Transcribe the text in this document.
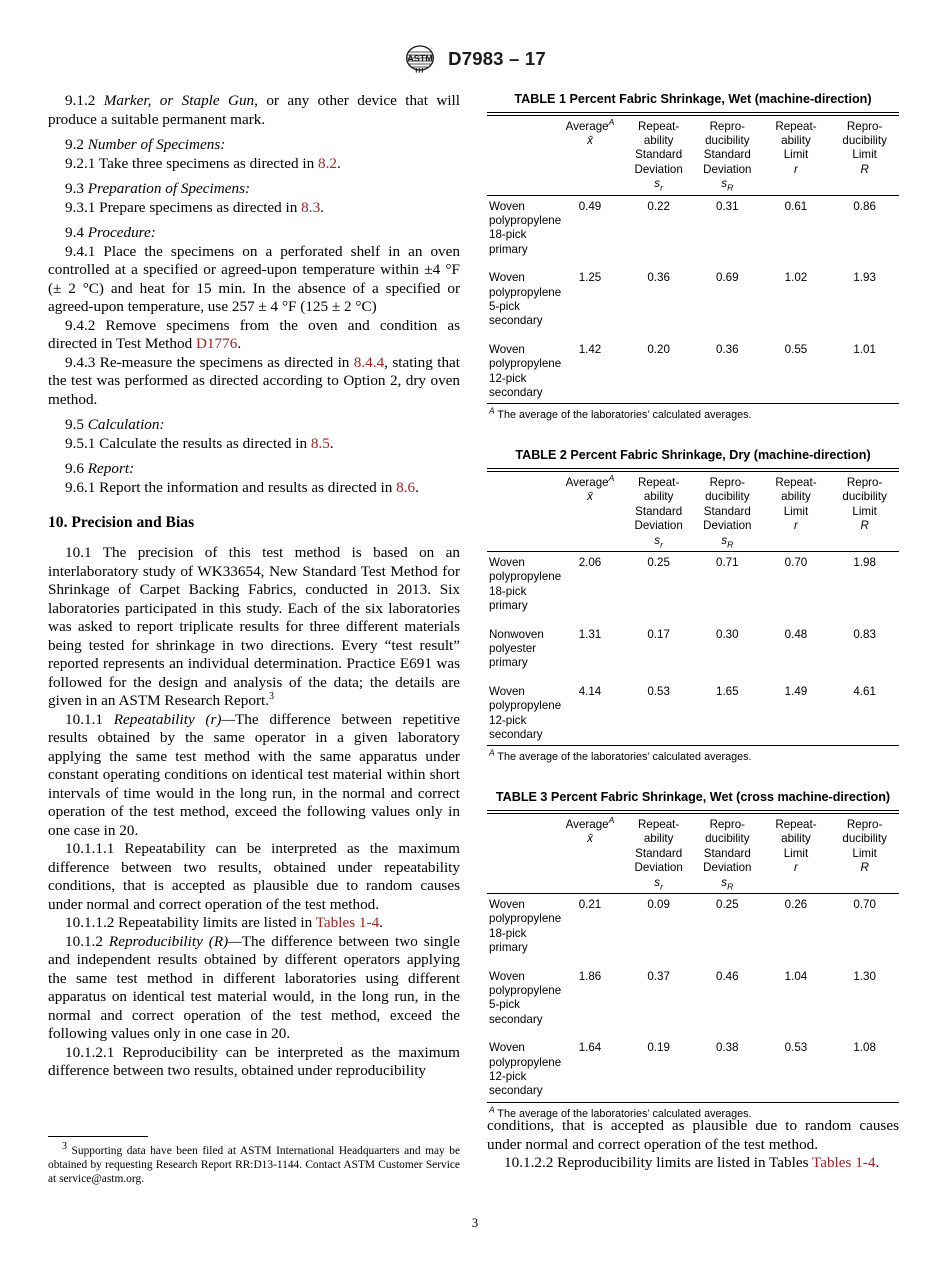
ASTM D7983 – 17

9.1.2 Marker, or Staple Gun, or any other device that will produce a suitable permanent mark.

9.2 Number of Specimens:

9.2.1 Take three specimens as directed in 8.2.

9.3 Preparation of Specimens:

9.3.1 Prepare specimens as directed in 8.3.

9.4 Procedure:

9.4.1 Place the specimens on a perforated shelf in an oven controlled at a specified or agreed-upon temperature within ±4 °F (± 2 °C) and heat for 15 min. In the absence of a specified or agreed-upon temperature, use 257 ± 4 °F (125 ± 2 °C)

9.4.2 Remove specimens from the oven and condition as directed in Test Method D1776.

9.4.3 Re-measure the specimens as directed in 8.4.4, stating that the test was performed as directed according to Option 2, dry oven method.

9.5 Calculation:

9.5.1 Calculate the results as directed in 8.5.

9.6 Report:

9.6.1 Report the information and results as directed in 8.6.

10. Precision and Bias

10.1 The precision of this test method is based on an interlaboratory study of WK33654, New Standard Test Method for Shrinkage of Carpet Backing Fabrics, conducted in 2013. Six laboratories participated in this study. Each of the six laboratories was asked to report triplicate results for three different materials being tested for shrinkage in two directions. Every “test result” reported represents an individual determination. Practice E691 was followed for the design and analysis of the data; the details are given in an ASTM Research Report.$^3$

10.1.1 Repeatability (r)—The difference between repetitive results obtained by the same operator in a given laboratory applying the same test method with the same apparatus under constant operating conditions on identical test material within short intervals of time would in the long run, in the normal and correct operation of the test method, exceed the following values only in one case in 20.

10.1.1.1 Repeatability can be interpreted as the maximum difference between two results, obtained under repeatability conditions, that is accepted as plausible due to random causes under normal and correct operation of the test method.

10.1.1.2 Repeatability limits are listed in Tables 1-4.

10.1.2 Reproducibility (R)—The difference between two single and independent results obtained by different operators applying the same test method in different laboratories using different apparatus on identical test material would, in the long run, in the normal and correct operation of the test method, exceed the following values only in one case in 20.

10.1.2.1 Reproducibility can be interpreted as the maximum difference between two results, obtained under reproducibility

3 Supporting data have been filed at ASTM International Headquarters and may be obtained by requesting Research Report RR:D13-1144. Contact ASTM Customer Service at service@astm.org.

TABLE 1 Percent Fabric Shrinkage, Wet (machine-direction)

	Average$^A$
x̄	Repeat-
ability
Standard
Deviation
$s_r$	Repro-
ducibility
Standard
Deviation
$s_R$	Repeat-
ability
Limit
r	Repro-
ducibility
Limit
R

Woven
polypropylene
18-pick primary	0.49	0.22	0.31	0.61	0.86

Woven
polypropylene
5-pick
secondary	1.25	0.36	0.69	1.02	1.93

Woven
polypropylene
12-pick
secondary	1.42	0.20	0.36	0.55	1.01

$^A$ The average of the laboratories’ calculated averages.

TABLE 2 Percent Fabric Shrinkage, Dry (machine-direction)

	Average$^A$
x̄	Repeat-
ability
Standard
Deviation
$s_r$	Repro-
ducibility
Standard
Deviation
$s_R$	Repeat-
ability
Limit
r	Repro-
ducibility
Limit
R

Woven
polypropylene
18-pick primary	2.06	0.25	0.71	0.70	1.98

Nonwoven
polyester
primary	1.31	0.17	0.30	0.48	0.83

Woven
polypropylene
12-pick
secondary	4.14	0.53	1.65	1.49	4.61

$^A$ The average of the laboratories’ calculated averages.

TABLE 3 Percent Fabric Shrinkage, Wet (cross machine-direction)

	Average$^A$
x̄	Repeat-
ability
Standard
Deviation
$s_r$	Repro-
ducibility
Standard
Deviation
$s_R$	Repeat-
ability
Limit
r	Repro-
ducibility
Limit
R

Woven
polypropylene
18-pick primary	0.21	0.09	0.25	0.26	0.70

Woven
polypropylene
5-pick
secondary	1.86	0.37	0.46	1.04	1.30

Woven
polypropylene
12-pick
secondary	1.64	0.19	0.38	0.53	1.08

$^A$ The average of the laboratories’ calculated averages.

conditions, that is accepted as plausible due to random causes under normal and correct operation of the test method.

10.1.2.2 Reproducibility limits are listed in Tables Tables 1-4.

3
